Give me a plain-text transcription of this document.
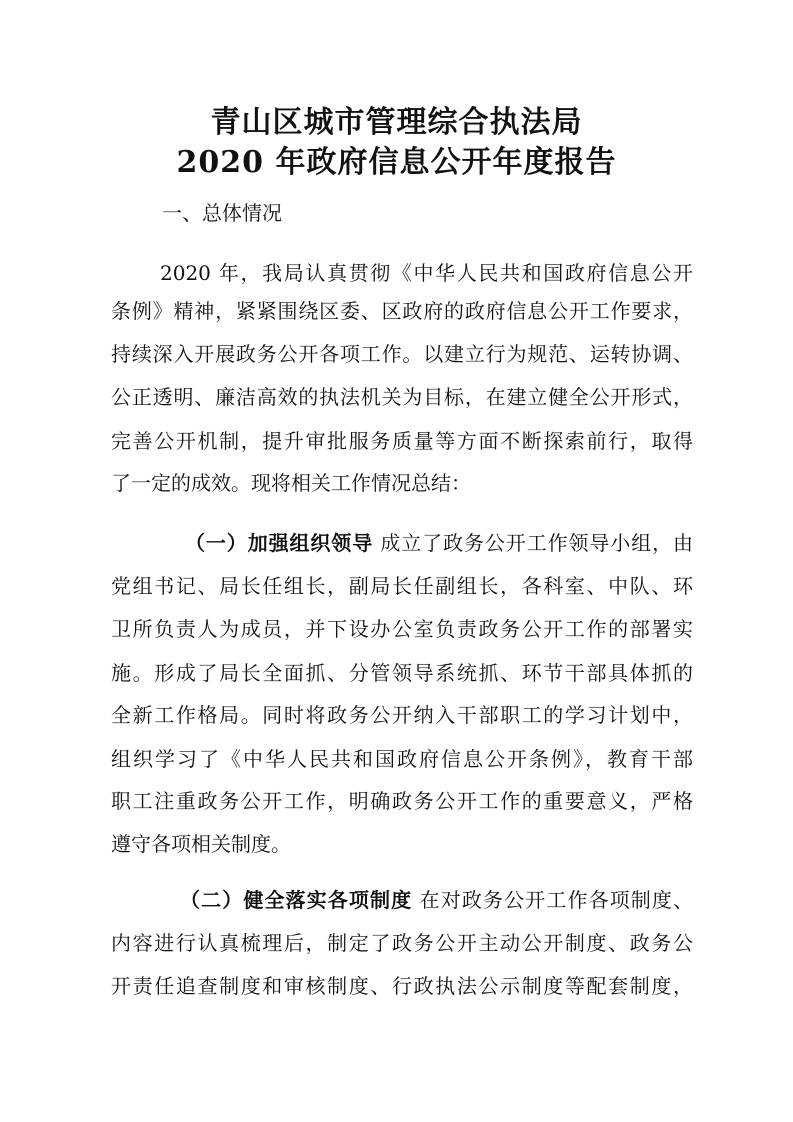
青山区城市管理综合执法局
2020 年政府信息公开年度报告
一、总体情况
2020 年，我局认真贯彻《中华人民共和国政府信息公开
条例》精神，紧紧围绕区委、区政府的政府信息公开工作要求，
持续深入开展政务公开各项工作。以建立行为规范、运转协调、
公正透明、廉洁高效的执法机关为目标，在建立健全公开形式，
完善公开机制，提升审批服务质量等方面不断探索前行，取得
了一定的成效。现将相关工作情况总结：
（一）加强组织领导 成立了政务公开工作领导小组，由
党组书记、局长任组长，副局长任副组长，各科室、中队、环
卫所负责人为成员，并下设办公室负责政务公开工作的部署实
施。形成了局长全面抓、分管领导系统抓、环节干部具体抓的
全新工作格局。同时将政务公开纳入干部职工的学习计划中，
组织学习了《中华人民共和国政府信息公开条例》，教育干部
职工注重政务公开工作，明确政务公开工作的重要意义，严格
遵守各项相关制度。
（二）健全落实各项制度 在对政务公开工作各项制度、
内容进行认真梳理后，制定了政务公开主动公开制度、政务公
开责任追查制度和审核制度、行政执法公示制度等配套制度，
